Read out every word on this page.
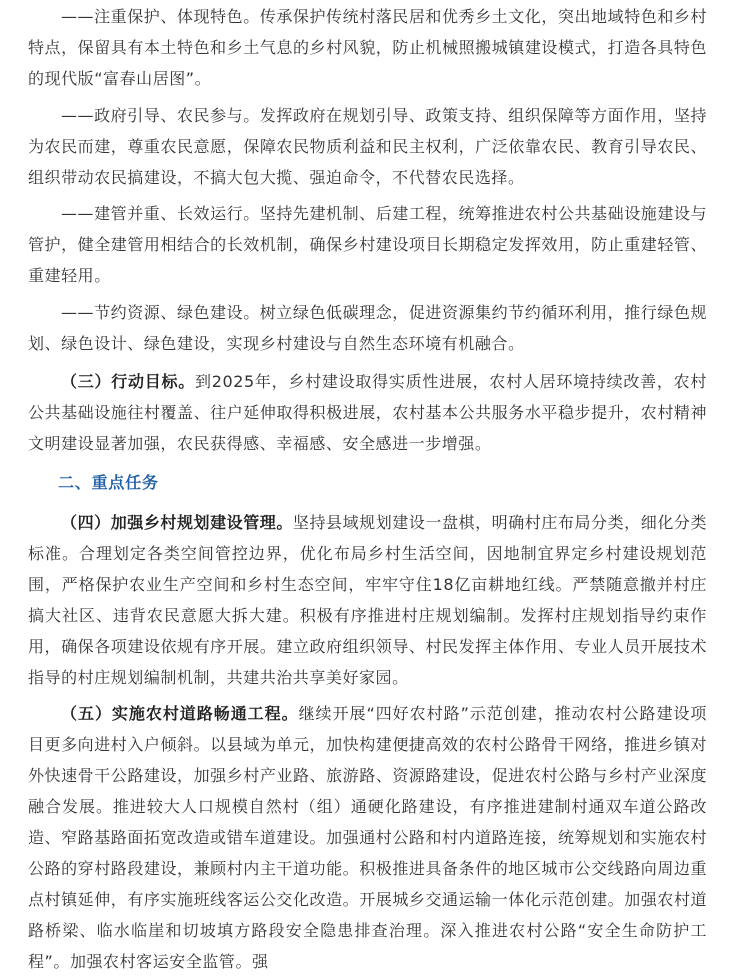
——注重保护、体现特色。传承保护传统村落民居和优秀乡土文化，突出地域特色和乡村特点，保留具有本土特色和乡土气息的乡村风貌，防止机械照搬城镇建设模式，打造各具特色的现代版“富春山居图”。

——政府引导、农民参与。发挥政府在规划引导、政策支持、组织保障等方面作用，坚持为农民而建，尊重农民意愿，保障农民物质利益和民主权利，广泛依靠农民、教育引导农民、组织带动农民搞建设，不搞大包大揽、强迫命令，不代替农民选择。

——建管并重、长效运行。坚持先建机制、后建工程，统筹推进农村公共基础设施建设与管护，健全建管用相结合的长效机制，确保乡村建设项目长期稳定发挥效用，防止重建轻管、重建轻用。

——节约资源、绿色建设。树立绿色低碳理念，促进资源集约节约循环利用，推行绿色规划、绿色设计、绿色建设，实现乡村建设与自然生态环境有机融合。

（三）行动目标。到2025年，乡村建设取得实质性进展，农村人居环境持续改善，农村公共基础设施往村覆盖、往户延伸取得积极进展，农村基本公共服务水平稳步提升，农村精神文明建设显著加强，农民获得感、幸福感、安全感进一步增强。

二、重点任务

（四）加强乡村规划建设管理。坚持县域规划建设一盘棋，明确村庄布局分类，细化分类标准。合理划定各类空间管控边界，优化布局乡村生活空间，因地制宜界定乡村建设规划范围，严格保护农业生产空间和乡村生态空间，牢牢守住18亿亩耕地红线。严禁随意撤并村庄搞大社区、违背农民意愿大拆大建。积极有序推进村庄规划编制。发挥村庄规划指导约束作用，确保各项建设依规有序开展。建立政府组织领导、村民发挥主体作用、专业人员开展技术指导的村庄规划编制机制，共建共治共享美好家园。

（五）实施农村道路畅通工程。继续开展“四好农村路”示范创建，推动农村公路建设项目更多向进村入户倾斜。以县域为单元，加快构建便捷高效的农村公路骨干网络，推进乡镇对外快速骨干公路建设，加强乡村产业路、旅游路、资源路建设，促进农村公路与乡村产业深度融合发展。推进较大人口规模自然村（组）通硬化路建设，有序推进建制村通双车道公路改造、窄路基路面拓宽改造或错车道建设。加强通村公路和村内道路连接，统筹规划和实施农村公路的穿村路段建设，兼顾村内主干道功能。积极推进具备条件的地区城市公交线路向周边重点村镇延伸，有序实施班线客运公交化改造。开展城乡交通运输一体化示范创建。加强农村道路桥梁、临水临崖和切坡填方路段安全隐患排查治理。深入推进农村公路“安全生命防护工程”。加强农村客运安全监管。强
